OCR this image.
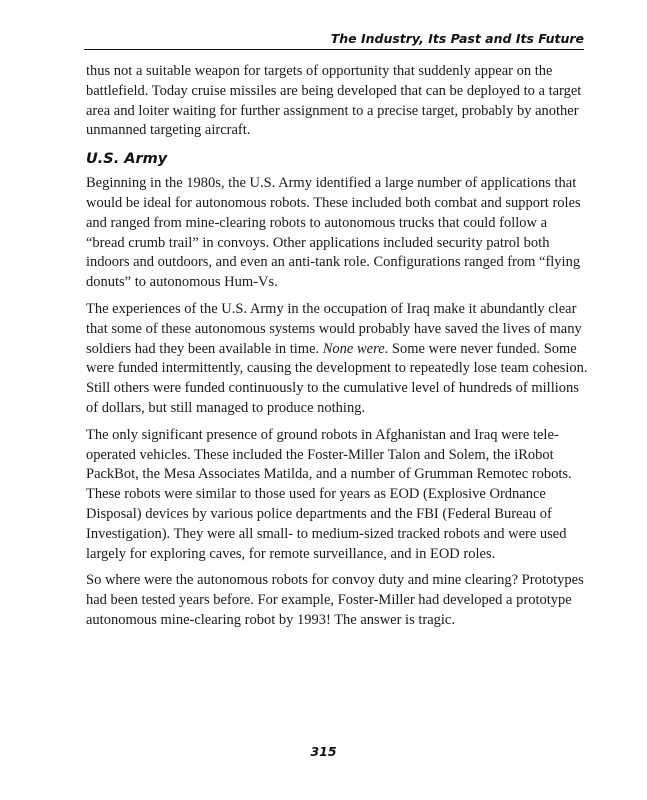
The Industry, Its Past and Its Future

thus not a suitable weapon for targets of opportunity that suddenly appear on the battlefield. Today cruise missiles are being developed that can be deployed to a target area and loiter waiting for further assignment to a precise target, probably by another unmanned targeting aircraft.

U.S. Army

Beginning in the 1980s, the U.S. Army identified a large number of applications that would be ideal for autonomous robots. These included both combat and support roles and ranged from mine-clearing robots to autonomous trucks that could follow a “bread crumb trail” in convoys. Other applications included security patrol both indoors and outdoors, and even an anti-tank role. Configurations ranged from “flying donuts” to autonomous Hum-Vs.

The experiences of the U.S. Army in the occupation of Iraq make it abundantly clear that some of these autonomous systems would probably have saved the lives of many soldiers had they been available in time. None were. Some were never funded. Some were funded intermittently, causing the development to repeatedly lose team cohesion. Still others were funded continuously to the cumulative level of hundreds of millions of dollars, but still managed to produce nothing.

The only significant presence of ground robots in Afghanistan and Iraq were tele-operated vehicles. These included the Foster-Miller Talon and Solem, the iRobot PackBot, the Mesa Associates Matilda, and a number of Grumman Remotec robots. These robots were similar to those used for years as EOD (Explosive Ordnance Disposal) devices by various police departments and the FBI (Federal Bureau of Investigation). They were all small- to medium-sized tracked robots and were used largely for exploring caves, for remote surveillance, and in EOD roles.

So where were the autonomous robots for convoy duty and mine clearing? Prototypes had been tested years before. For example, Foster-Miller had developed a prototype autonomous mine-clearing robot by 1993! The answer is tragic.

315
